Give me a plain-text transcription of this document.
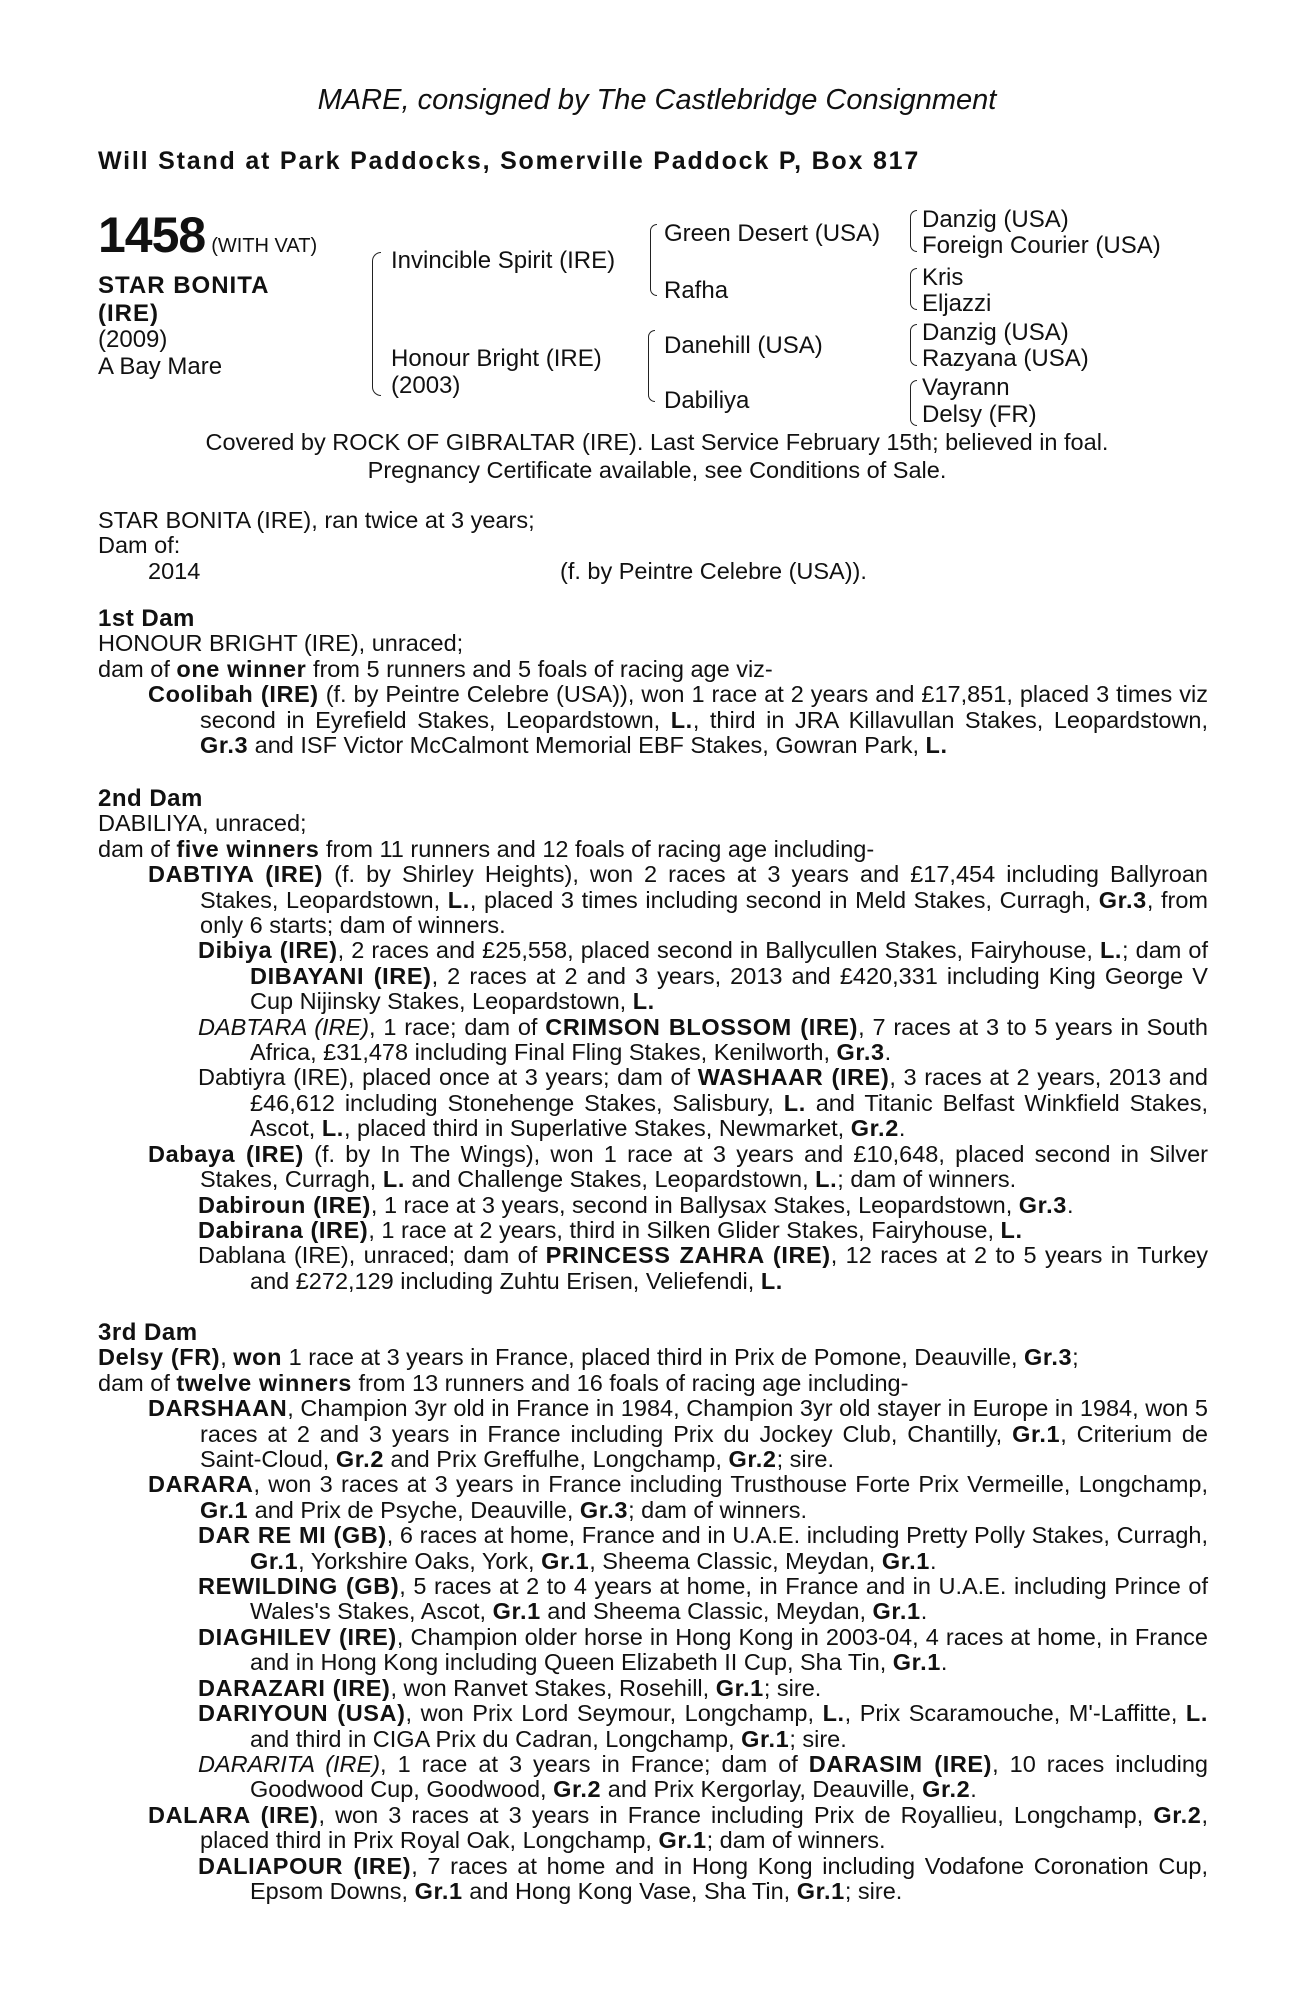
MARE, consigned by The Castlebridge Consignment
Will Stand at Park Paddocks, Somerville Paddock P, Box 817
1458 (WITH VAT)
STAR BONITA
(IRE)
(2009)
A Bay Mare
Invincible Spirit (IRE)
Honour Bright (IRE)
(2003)
Green Desert (USA)
Rafha
Danehill (USA)
Dabiliya
Danzig (USA)
Foreign Courier (USA)
Kris
Eljazzi
Danzig (USA)
Razyana (USA)
Vayrann
Delsy (FR)
Covered by ROCK OF GIBRALTAR (IRE). Last Service February 15th; believed in foal.
Pregnancy Certificate available, see Conditions of Sale.

STAR BONITA (IRE), ran twice at 3 years;

Dam of:

2014	(f. by Peintre Celebre (USA)).

1st Dam

HONOUR BRIGHT (IRE), unraced;

dam of one winner from 5 runners and 5 foals of racing age viz-

Coolibah (IRE) (f. by Peintre Celebre (USA)), won 1 race at 2 years and £17,851, placed 3 times viz second in Eyrefield Stakes, Leopardstown, L., third in JRA Killavullan Stakes, Leopardstown, Gr.3 and ISF Victor McCalmont Memorial EBF Stakes, Gowran Park, L.

2nd Dam

DABILIYA, unraced;

dam of five winners from 11 runners and 12 foals of racing age including-

DABTIYA (IRE) (f. by Shirley Heights), won 2 races at 3 years and £17,454 including Ballyroan Stakes, Leopardstown, L., placed 3 times including second in Meld Stakes, Curragh, Gr.3, from only 6 starts; dam of winners.

Dibiya (IRE), 2 races and £25,558, placed second in Ballycullen Stakes, Fairyhouse, L.; dam of DIBAYANI (IRE), 2 races at 2 and 3 years, 2013 and £420,331 including King George V Cup Nijinsky Stakes, Leopardstown, L.

DABTARA (IRE), 1 race; dam of CRIMSON BLOSSOM (IRE), 7 races at 3 to 5 years in South Africa, £31,478 including Final Fling Stakes, Kenilworth, Gr.3.

Dabtiyra (IRE), placed once at 3 years; dam of WASHAAR (IRE), 3 races at 2 years, 2013 and £46,612 including Stonehenge Stakes, Salisbury, L. and Titanic Belfast Winkfield Stakes, Ascot, L., placed third in Superlative Stakes, Newmarket, Gr.2.

Dabaya (IRE) (f. by In The Wings), won 1 race at 3 years and £10,648, placed second in Silver Stakes, Curragh, L. and Challenge Stakes, Leopardstown, L.; dam of winners.

Dabiroun (IRE), 1 race at 3 years, second in Ballysax Stakes, Leopardstown, Gr.3.

Dabirana (IRE), 1 race at 2 years, third in Silken Glider Stakes, Fairyhouse, L.

Dablana (IRE), unraced; dam of PRINCESS ZAHRA (IRE), 12 races at 2 to 5 years in Turkey and £272,129 including Zuhtu Erisen, Veliefendi, L.

3rd Dam

Delsy (FR), won 1 race at 3 years in France, placed third in Prix de Pomone, Deauville, Gr.3;

dam of twelve winners from 13 runners and 16 foals of racing age including-

DARSHAAN, Champion 3yr old in France in 1984, Champion 3yr old stayer in Europe in 1984, won 5 races at 2 and 3 years in France including Prix du Jockey Club, Chantilly, Gr.1, Criterium de Saint-Cloud, Gr.2 and Prix Greffulhe, Longchamp, Gr.2; sire.

DARARA, won 3 races at 3 years in France including Trusthouse Forte Prix Vermeille, Longchamp, Gr.1 and Prix de Psyche, Deauville, Gr.3; dam of winners.

DAR RE MI (GB), 6 races at home, France and in U.A.E. including Pretty Polly Stakes, Curragh, Gr.1, Yorkshire Oaks, York, Gr.1, Sheema Classic, Meydan, Gr.1.

REWILDING (GB), 5 races at 2 to 4 years at home, in France and in U.A.E. including Prince of Wales's Stakes, Ascot, Gr.1 and Sheema Classic, Meydan, Gr.1.

DIAGHILEV (IRE), Champion older horse in Hong Kong in 2003-04, 4 races at home, in France and in Hong Kong including Queen Elizabeth II Cup, Sha Tin, Gr.1.

DARAZARI (IRE), won Ranvet Stakes, Rosehill, Gr.1; sire.

DARIYOUN (USA), won Prix Lord Seymour, Longchamp, L., Prix Scaramouche, M'-Laffitte, L. and third in CIGA Prix du Cadran, Longchamp, Gr.1; sire.

DARARITA (IRE), 1 race at 3 years in France; dam of DARASIM (IRE), 10 races including Goodwood Cup, Goodwood, Gr.2 and Prix Kergorlay, Deauville, Gr.2.

DALARA (IRE), won 3 races at 3 years in France including Prix de Royallieu, Longchamp, Gr.2, placed third in Prix Royal Oak, Longchamp, Gr.1; dam of winners.

DALIAPOUR (IRE), 7 races at home and in Hong Kong including Vodafone Coronation Cup, Epsom Downs, Gr.1 and Hong Kong Vase, Sha Tin, Gr.1; sire.
